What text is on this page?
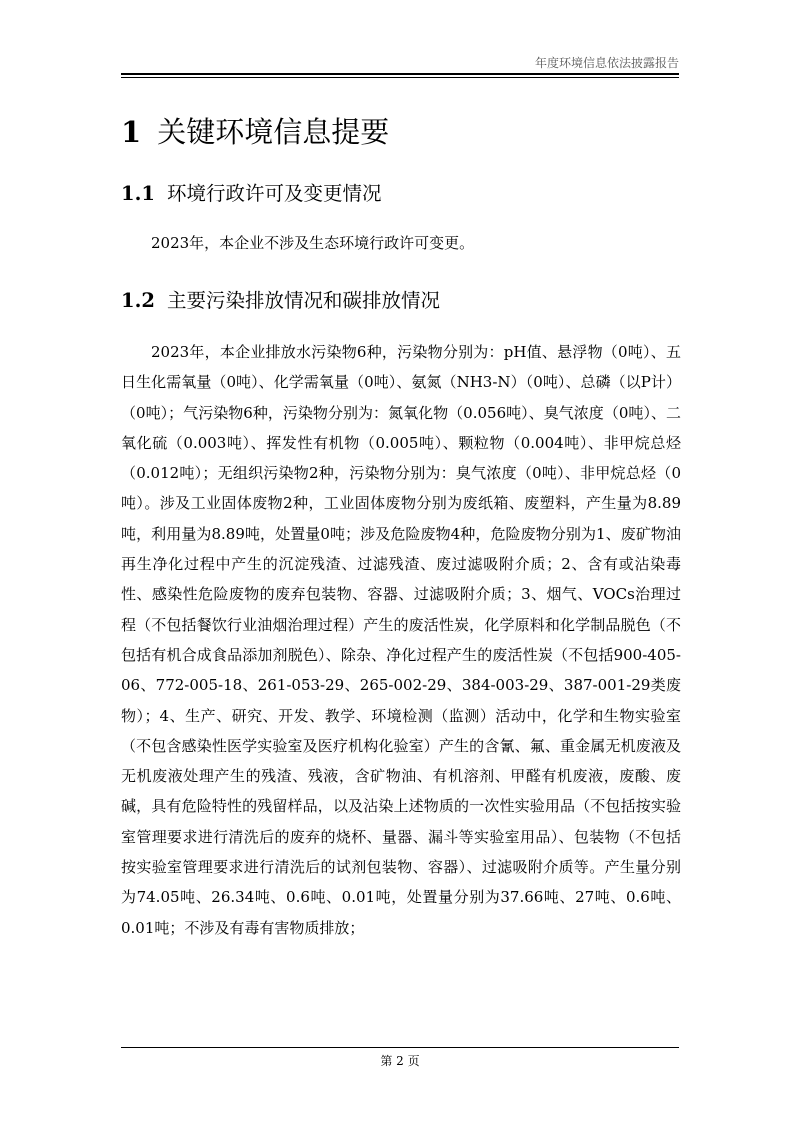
年度环境信息依法披露报告
1 关键环境信息提要
1.1 环境行政许可及变更情况

2023年，本企业不涉及生态环境行政许可变更。

1.2 主要污染排放情况和碳排放情况

2023年，本企业排放水污染物6种，污染物分别为：pH值、悬浮物（0吨）、五日生化需氧量（0吨）、化学需氧量（0吨）、氨氮（NH3-N）（0吨）、总磷（以P计）（0吨）；气污染物6种，污染物分别为：氮氧化物（0.056吨）、臭气浓度（0吨）、二氧化硫（0.003吨）、挥发性有机物（0.005吨）、颗粒物（0.004吨）、非甲烷总烃（0.012吨）；无组织污染物2种，污染物分别为：臭气浓度（0吨）、非甲烷总烃（0吨）。涉及工业固体废物2种，工业固体废物分别为废纸箱、废塑料，产生量为8.89吨，利用量为8.89吨，处置量0吨；涉及危险废物4种，危险废物分别为1、废矿物油再生净化过程中产生的沉淀残渣、过滤残渣、废过滤吸附介质；2、含有或沾染毒性、感染性危险废物的废弃包装物、容器、过滤吸附介质；3、烟气、VOCs治理过程（不包括餐饮行业油烟治理过程）产生的废活性炭，化学原料和化学制品脱色（不包括有机合成食品添加剂脱色）、除杂、净化过程产生的废活性炭（不包括900-405-06、772-005-18、261-053-29、265-002-29、384-003-29、387-001-29类废物）；4、生产、研究、开发、教学、环境检测（监测）活动中，化学和生物实验室（不包含感染性医学实验室及医疗机构化验室）产生的含氰、氟、重金属无机废液及无机废液处理产生的残渣、残液，含矿物油、有机溶剂、甲醛有机废液，废酸、废碱，具有危险特性的残留样品，以及沾染上述物质的一次性实验用品（不包括按实验室管理要求进行清洗后的废弃的烧杯、量器、漏斗等实验室用品）、包装物（不包括按实验室管理要求进行清洗后的试剂包装物、容器）、过滤吸附介质等。产生量分别为74.05吨、26.34吨、0.6吨、0.01吨，处置量分别为37.66吨、27吨、0.6吨、0.01吨；不涉及有毒有害物质排放；

第 2 页
